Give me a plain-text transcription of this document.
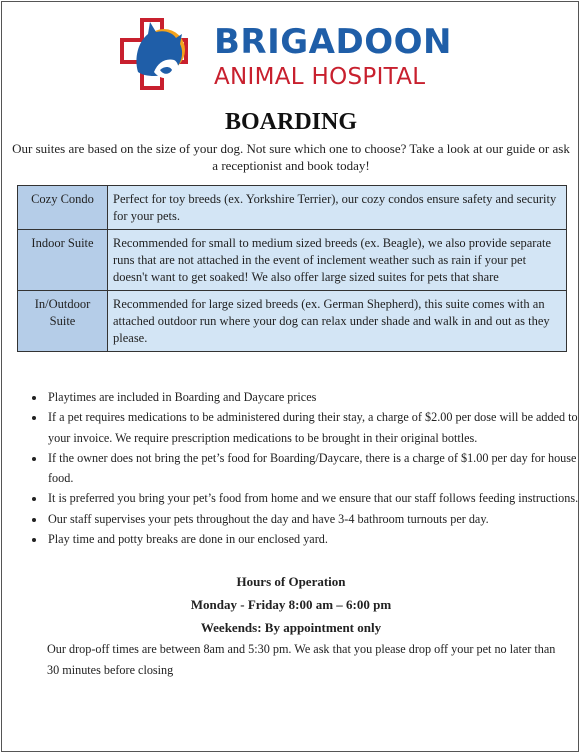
BRIGADOON
ANIMAL HOSPITAL
BOARDING
Our suites are based on the size of your dog. Not sure which one to choose? Take a look at our guide or ask a receptionist and book today!
Cozy Condo	Perfect for toy breeds (ex. Yorkshire Terrier), our cozy condos ensure safety and security for your pets.
Indoor Suite	Recommended for small to medium sized breeds (ex. Beagle), we also provide separate runs that are not attached in the event of inclement weather such as rain if your pet doesn't want to get soaked! We also offer large sized suites for pets that share
In/Outdoor Suite	Recommended for large sized breeds (ex. German Shepherd), this suite comes with an attached outdoor run where your dog can relax under shade and walk in and out as they please.
• Playtimes are included in Boarding and Daycare prices
• If a pet requires medications to be administered during their stay, a charge of $2.00 per dose will be added to your invoice. We require prescription medications to be brought in their original bottles.
• If the owner does not bring the pet’s food for Boarding/Daycare, there is a charge of $1.00 per day for house food.
• It is preferred you bring your pet’s food from home and we ensure that our staff follows feeding instructions.
• Our staff supervises your pets throughout the day and have 3-4 bathroom turnouts per day.
• Play time and potty breaks are done in our enclosed yard.
Hours of Operation
Monday - Friday 8:00 am – 6:00 pm
Weekends: By appointment only
Our drop-off times are between 8am and 5:30 pm. We ask that you please drop off your pet no later than 30 minutes before closing
